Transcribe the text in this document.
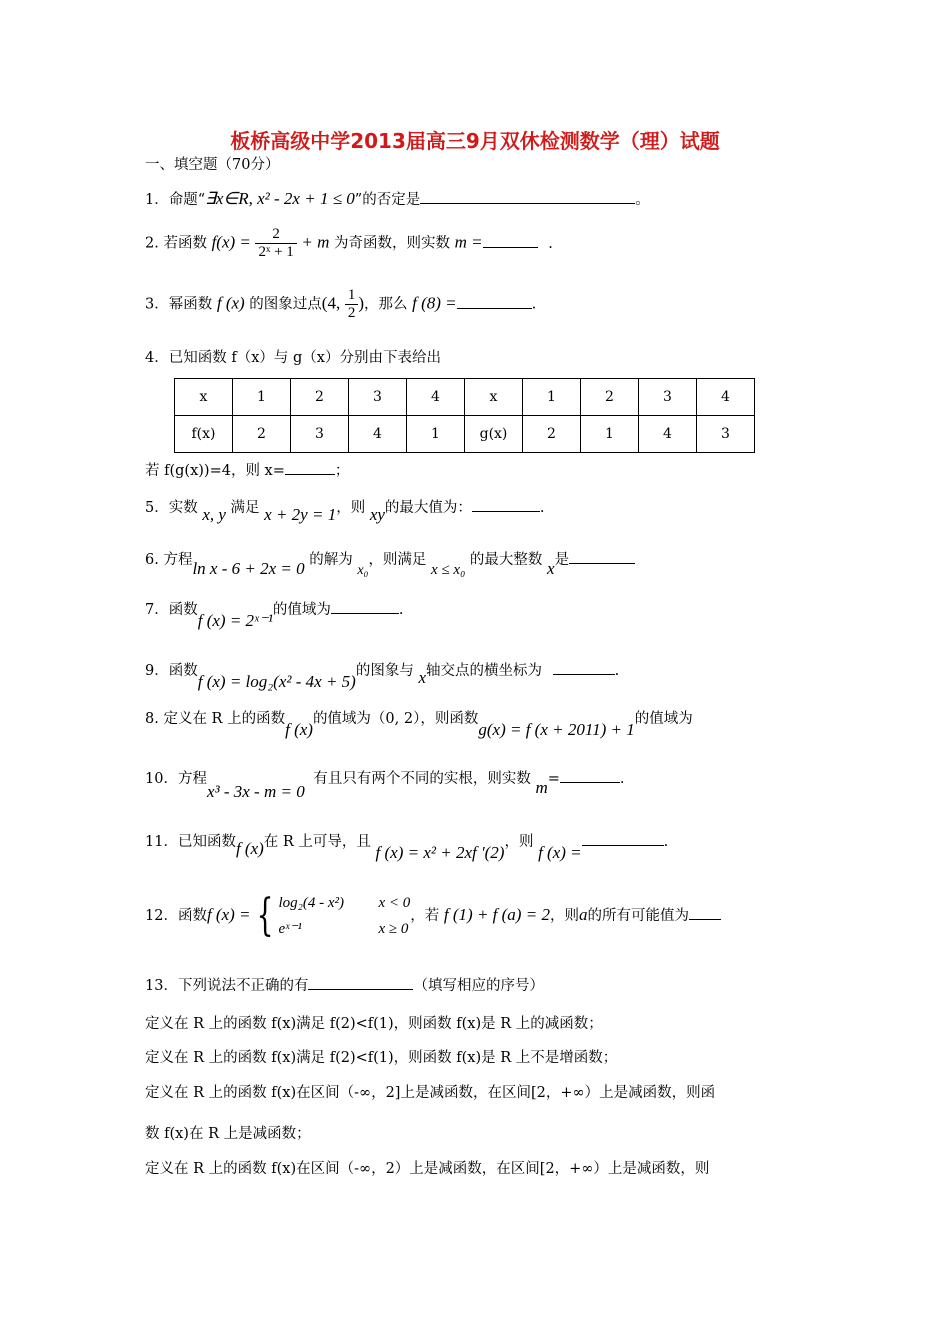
板桥高级中学2013届高三9月双休检测数学（理）试题
一、填空题（70分）
1．命题“∃x∈R, x² - 2x + 1 ≤ 0”的否定是	。
2. 若函数 $f(x) = \frac{2}{\text{2ˣ + 1}} + m$ 为奇函数，则实数 m =	.
3．幂函数 f (x) 的图象过点(4, $\frac{1}{2}$ )，那么 f (8) =	.
4．已知函数 f（x）与 g（x）分别由下表给出
x	1	2	3	4	x	1	2	3	4
f(x)	2	3	4	1	g(x)	2	1	4	3
若 f(g(x))=4，则 x=	；
5．实数 x, y 满足 x + 2y = 1，则 xy的最大值为：	.
6. 方程ln x - 6 + 2x = 0 的解为 x₀，则满足 x ≤ x₀ 的最大整数 x是
7．函数f (x) = 2ˣ⁻¹的值域为	.
9．函数f (x) = log₂(x² - 4x + 5)的图象与 x轴交点的横坐标为	.
8. 定义在 R 上的函数f (x)的值域为（0, 2），则函数g(x) = f (x + 2011) + 1的值域为
10．方程x³ - 3x - m = 0 有且只有两个不同的实根，则实数 m=	.
11．已知函数f (x)在 R 上可导，且 f (x) = x² + 2xf '(2)，则 f (x) =.
12．函数f (x) = { log₂(4 - x²) x < 0
eˣ⁻¹	x ≥ 0，若 f (1) + f (a) = 2，则a的所有可能值为
13．下列说法不正确的有	（填写相应的序号）
定义在 R 上的函数 f(x)满足 f(2)<f(1)，则函数 f(x)是 R 上的减函数；
定义在 R 上的函数 f(x)满足 f(2)<f(1)，则函数 f(x)是 R 上不是增函数；
定义在 R 上的函数 f(x)在区间（-∞，2]上是减函数，在区间[2，+∞）上是减函数，则函
数 f(x)在 R 上是减函数；
定义在 R 上的函数 f(x)在区间（-∞，2）上是减函数，在区间[2，+∞）上是减函数，则
